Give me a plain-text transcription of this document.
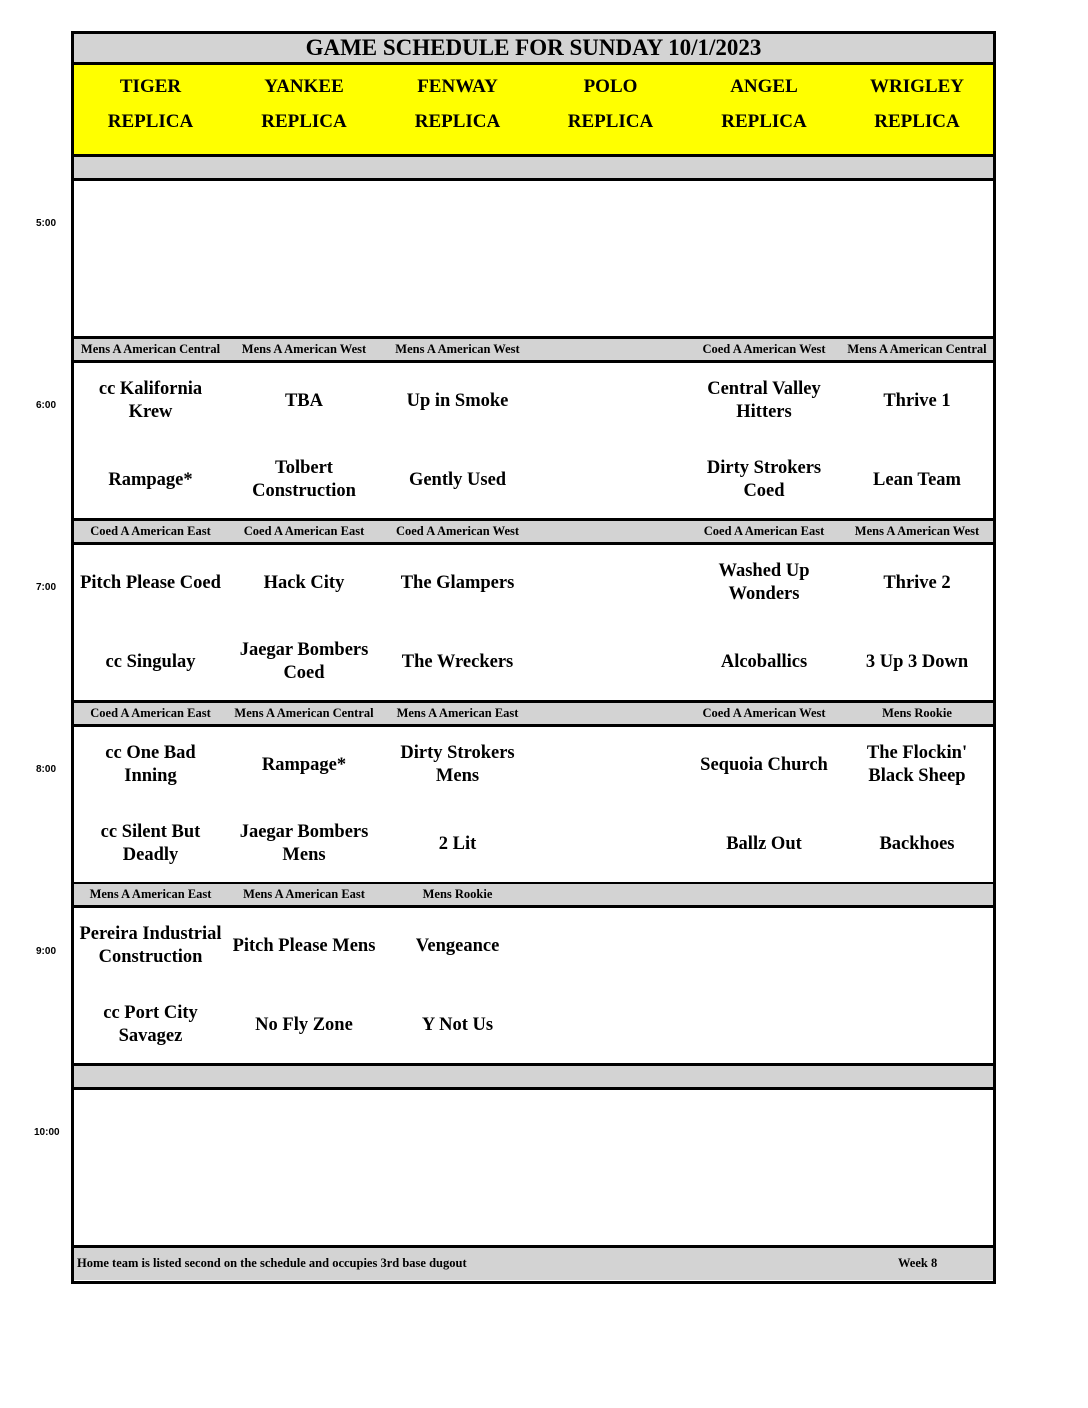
5:00
6:00
7:00
8:00
9:00
10:00
GAME SCHEDULE FOR SUNDAY 10/1/2023
TIGER
REPLICA
YANKEE
REPLICA
FENWAY
REPLICA
POLO
REPLICA
ANGEL
REPLICA
WRIGLEY
REPLICA
Mens A American Central
cc Kalifornia Krew
Rampage*
Mens A American West
TBA
Tolbert Construction
Mens A American West
Up in Smoke
Gently Used
Coed A American West
Central Valley Hitters
Dirty Strokers Coed
Mens A American Central
Thrive 1
Lean Team
Coed A American East
Pitch Please Coed
cc Singulay
Coed A American East
Hack City
Jaegar Bombers Coed
Coed A American West
The Glampers
The Wreckers
Coed A American East
Washed Up Wonders
Alcoballics
Mens A American West
Thrive 2
3 Up 3 Down
Coed A American East
cc One Bad Inning
cc Silent But Deadly
Mens A American Central
Rampage*
Jaegar Bombers Mens
Mens A American East
Dirty Strokers Mens
2 Lit
Coed A American West
Sequoia Church
Ballz Out
Mens Rookie
The Flockin' Black Sheep
Backhoes
Mens A American East
Pereira Industrial Construction
cc Port City Savagez
Mens A American East
Pitch Please Mens
No Fly Zone
Mens Rookie
Vengeance
Y Not Us
Home team is listed second on the schedule and occupies 3rd base dugout	Week 8
